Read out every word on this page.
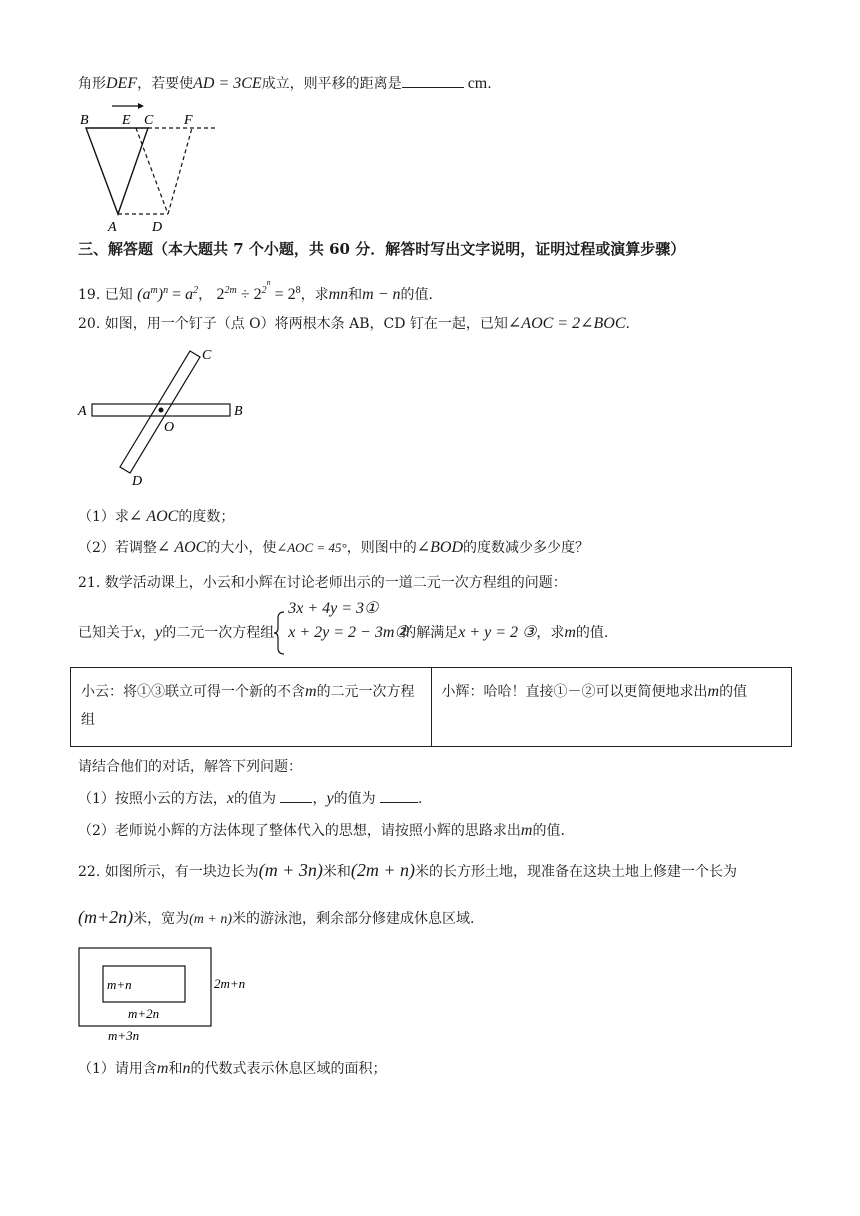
角形DEF，若要使AD = 3CE成立，则平移的距离是	cm.
B E C F
A	D
三、解答题（本大题共 7 个小题，共 60 分．解答时写出文字说明，证明过程或演算步骤）
19. 已知 $(a^m)^n = a^2$， $2^{2m} \div 2^{2^n} = 2^8$，求mn和m − n的值.
20. 如图，用一个钉子（点 O）将两根木条 AB，CD 钉在一起，已知∠AOC = 2∠BOC.
A	B
C
D
O
（1）求∠ AOC的度数；
（2）若调整∠ AOC的大小，使∠AOC = 45°，则图中的∠BOD的度数减少多少度？
21. 数学活动课上，小云和小辉在讨论老师出示的一道二元一次方程组的问题：
已知关于x，y的二元一次方程组
3x + 4y = 3①
x + 2y = 2 − 3m②
的解满足x + y = 2 ③，求m的值.
小云：将①③联立可得一个新的不含m的二元一次方程组	小辉：哈哈！直接①－②可以更简便地求出m的值
请结合他们的对话，解答下列问题：
（1）按照小云的方法，x的值为	，y的值为	.
（2）老师说小辉的方法体现了整体代入的思想，请按照小辉的思路求出m的值.
22. 如图所示，有一块边长为(m + 3n)米和(2m + n)米的长方形土地，现准备在这块土地上修建一个长为
(m+2n)米，宽为(m + n)米的游泳池，剩余部分修建成休息区域.
m+n	2m+n
m+2n
m+3n
（1）请用含m和n的代数式表示休息区域的面积；
